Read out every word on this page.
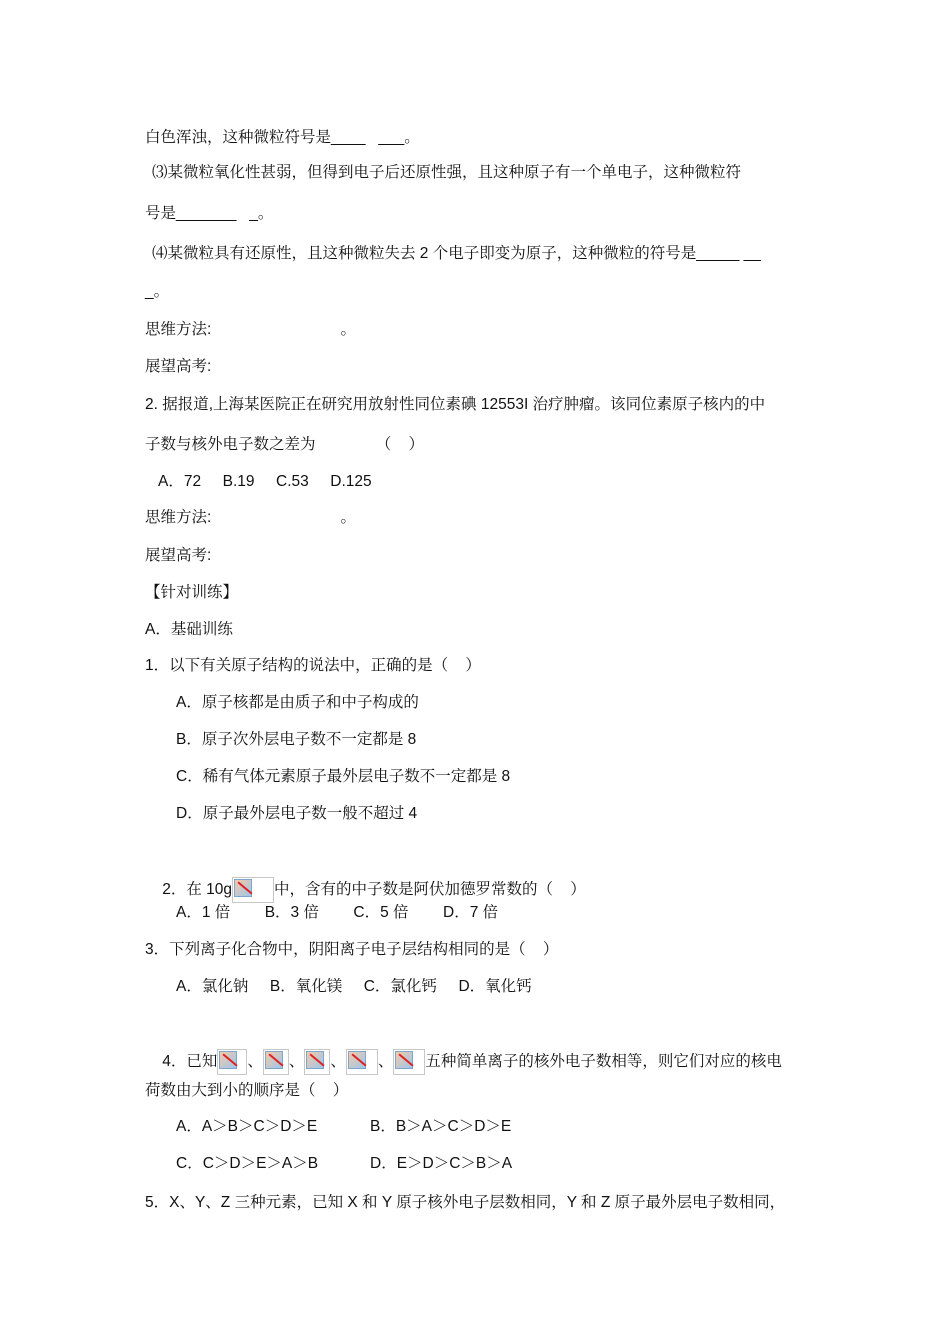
白色浑浊，这种微粒符号是____   ___。
⑶某微粒氧化性甚弱，但得到电子后还原性强，且这种原子有一个单电子，这种微粒符
号是_______   _。
⑷某微粒具有还原性，且这种微粒失去 2 个电子即变为原子，这种微粒的符号是_____ __
_。
思维方法:                              。
展望高考:
2. 据报道,上海某医院正在研究用放射性同位素碘 12553I 治疗肿瘤。该同位素原子核内的中
子数与核外电子数之差为              （    ）
A．72     B.19     C.53     D.125
思维方法:                              。
展望高考:
【针对训练】
A．基础训练
1．以下有关原子结构的说法中，正确的是（    ）
A．原子核都是由质子和中子构成的
B．原子次外层电子数不一定都是 8
C．稀有气体元素原子最外层电子数不一定都是 8
D．原子最外层电子数一般不超过 4

2．在 10g	中，含有的中子数是阿伏加德罗常数的（    ）

A．1 倍        B．3 倍        C．5 倍        D．7 倍
3．下列离子化合物中，阴阳离子电子层结构相同的是（    ）
A．氯化钠     B．氧化镁     C．氯化钙     D．氧化钙

4．已知 、 、 、 、 五种简单离子的核外电子数相等，则它们对应的核电

荷数由大到小的顺序是（    ）
A．A＞B＞C＞D＞E	B．B＞A＞C＞D＞E
C．C＞D＞E＞A＞B	D．E＞D＞C＞B＞A
5．X、Y、Z 三种元素，已知 X 和 Y 原子核外电子层数相同，Y 和 Z 原子最外层电子数相同，
